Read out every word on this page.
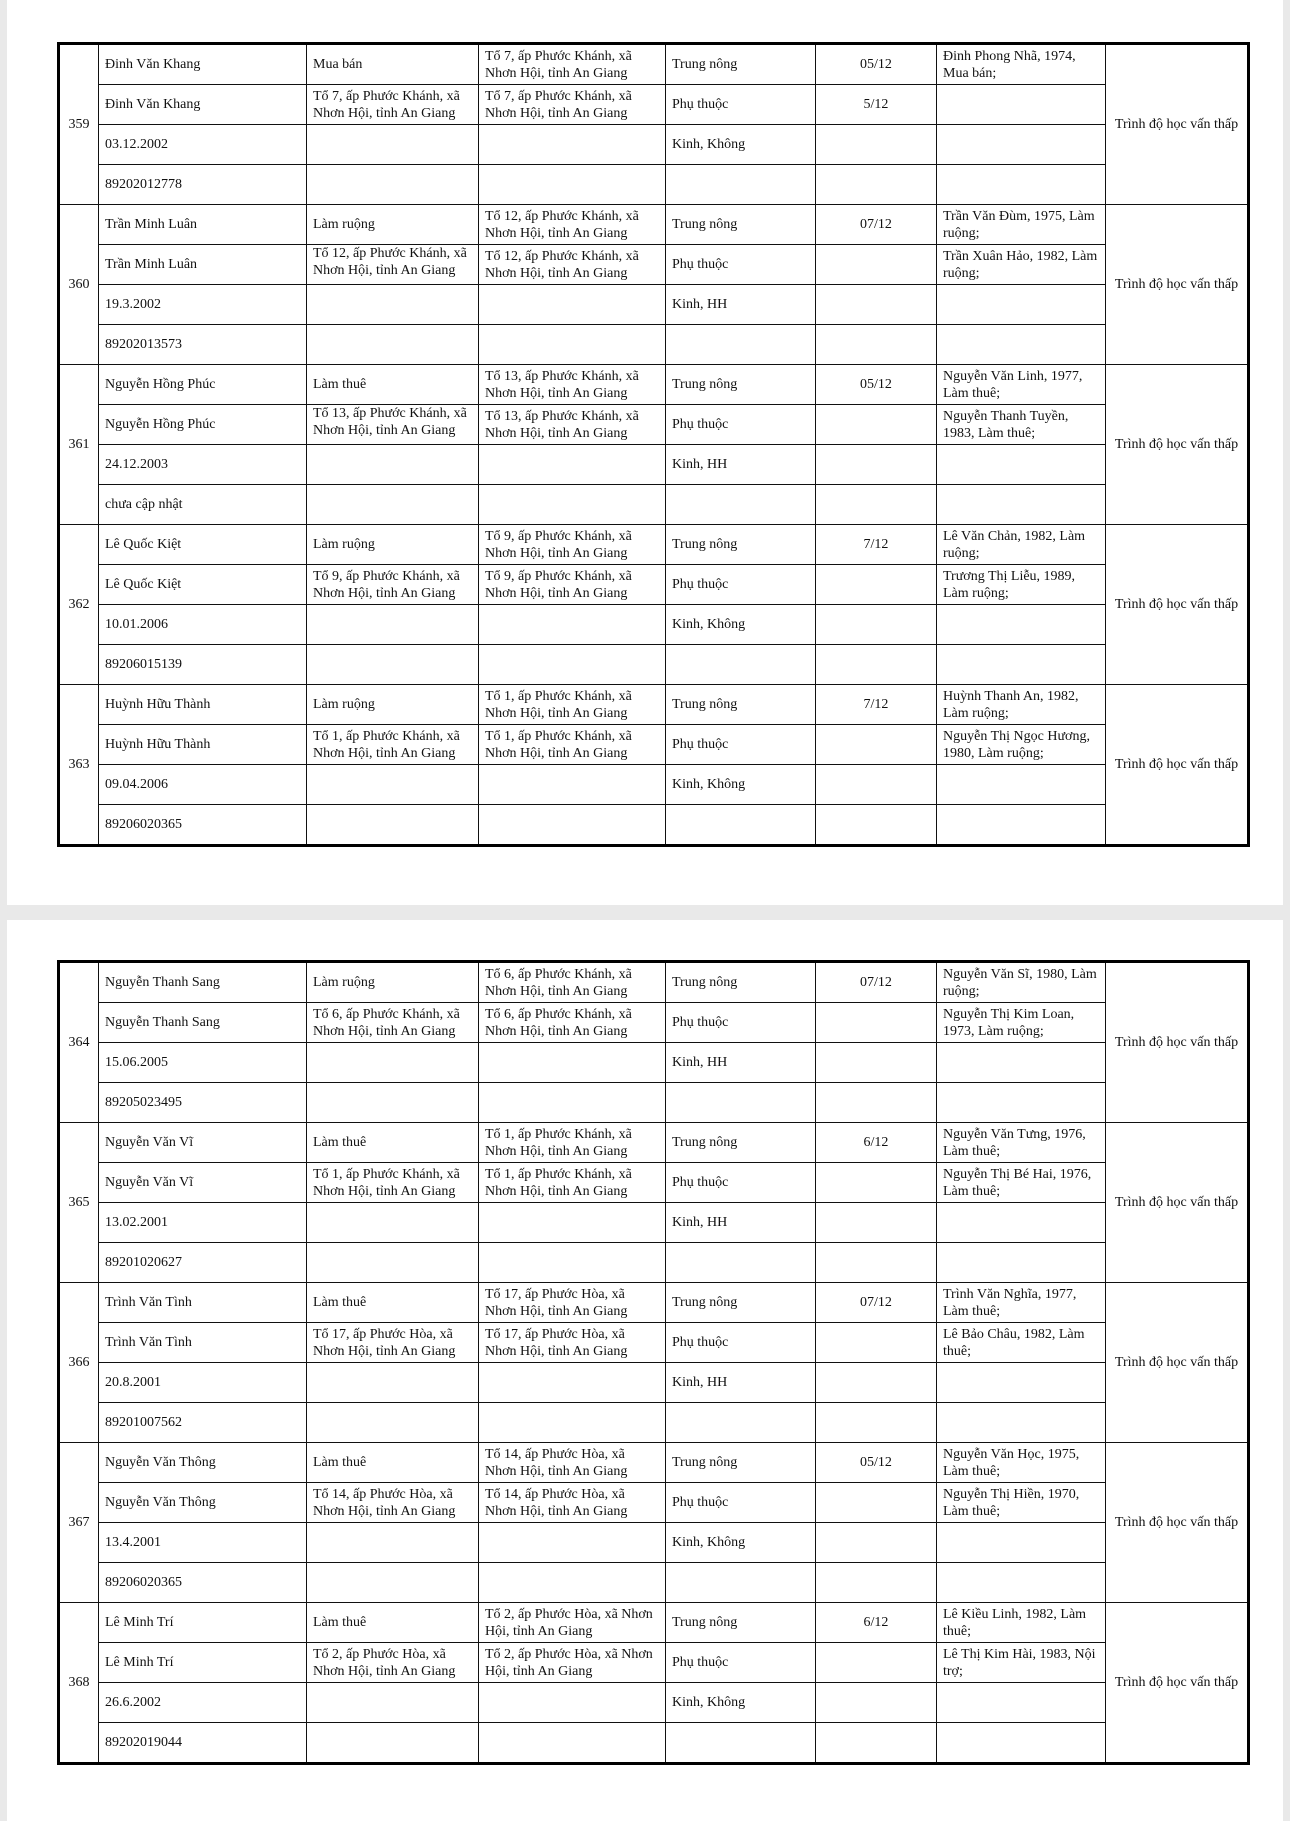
359	Đinh Văn Khang	Mua bán	Tổ 7, ấp Phước Khánh, xã Nhơn Hội, tỉnh An Giang	Trung nông	05/12	Đinh Phong Nhã, 1974, Mua bán;	Trình độ học vấn thấp
	Đinh Văn Khang	Tổ 7, ấp Phước Khánh, xã Nhơn Hội, tỉnh An Giang	Tổ 7, ấp Phước Khánh, xã Nhơn Hội, tỉnh An Giang	Phụ thuộc	5/12		
	03.12.2002			Kinh, Không			
	89202012778						
360	Trần Minh Luân	Làm ruộng	Tổ 12, ấp Phước Khánh, xã Nhơn Hội, tỉnh An Giang	Trung nông	07/12	Trần Văn Đùm, 1975, Làm ruộng;	Trình độ học vấn thấp
	Trần Minh Luân	Tổ 12, ấp Phước Khánh, xã Nhơn Hội, tỉnh An Giang	Tổ 12, ấp Phước Khánh, xã Nhơn Hội, tỉnh An Giang	Phụ thuộc		Trần Xuân Hảo, 1982, Làm ruộng;	
	19.3.2002			Kinh, HH			
	89202013573						
361	Nguyễn Hồng Phúc	Làm thuê	Tổ 13, ấp Phước Khánh, xã Nhơn Hội, tỉnh An Giang	Trung nông	05/12	Nguyễn Văn Linh, 1977, Làm thuê;	Trình độ học vấn thấp
	Nguyễn Hồng Phúc	Tổ 13, ấp Phước Khánh, xã Nhơn Hội, tỉnh An Giang	Tổ 13, ấp Phước Khánh, xã Nhơn Hội, tỉnh An Giang	Phụ thuộc		Nguyễn Thanh Tuyền, 1983, Làm thuê;	
	24.12.2003			Kinh, HH			
	chưa cập nhật						
362	Lê Quốc Kiệt	Làm ruộng	Tổ 9, ấp Phước Khánh, xã Nhơn Hội, tỉnh An Giang	Trung nông	7/12	Lê Văn Chản, 1982, Làm ruộng;	Trình độ học vấn thấp
	Lê Quốc Kiệt	Tổ 9, ấp Phước Khánh, xã Nhơn Hội, tỉnh An Giang	Tổ 9, ấp Phước Khánh, xã Nhơn Hội, tỉnh An Giang	Phụ thuộc		Trương Thị Liễu, 1989, Làm ruộng;	
	10.01.2006			Kinh, Không			
	89206015139						
363	Huỳnh Hữu Thành	Làm ruộng	Tổ 1, ấp Phước Khánh, xã Nhơn Hội, tỉnh An Giang	Trung nông	7/12	Huỳnh Thanh An, 1982, Làm ruộng;	Trình độ học vấn thấp
	Huỳnh Hữu Thành	Tổ 1, ấp Phước Khánh, xã Nhơn Hội, tỉnh An Giang	Tổ 1, ấp Phước Khánh, xã Nhơn Hội, tỉnh An Giang	Phụ thuộc		Nguyễn Thị Ngọc Hương, 1980, Làm ruộng;	
	09.04.2006			Kinh, Không			
	89206020365						
364	Nguyễn Thanh Sang	Làm ruộng	Tổ 6, ấp Phước Khánh, xã Nhơn Hội, tỉnh An Giang	Trung nông	07/12	Nguyễn Văn Sĩ, 1980, Làm ruộng;	Trình độ học vấn thấp
	Nguyễn Thanh Sang	Tổ 6, ấp Phước Khánh, xã Nhơn Hội, tỉnh An Giang	Tổ 6, ấp Phước Khánh, xã Nhơn Hội, tỉnh An Giang	Phụ thuộc		Nguyễn Thị Kim Loan, 1973, Làm ruộng;	
	15.06.2005			Kinh, HH			
	89205023495						
365	Nguyễn Văn Vĩ	Làm thuê	Tổ 1, ấp Phước Khánh, xã Nhơn Hội, tỉnh An Giang	Trung nông	6/12	Nguyễn Văn Tưng, 1976, Làm thuê;	Trình độ học vấn thấp
	Nguyễn Văn Vĩ	Tổ 1, ấp Phước Khánh, xã Nhơn Hội, tỉnh An Giang	Tổ 1, ấp Phước Khánh, xã Nhơn Hội, tỉnh An Giang	Phụ thuộc		Nguyễn Thị Bé Hai, 1976, Làm thuê;	
	13.02.2001			Kinh, HH			
	89201020627						
366	Trình Văn Tình	Làm thuê	Tổ 17, ấp Phước Hòa, xã Nhơn Hội, tỉnh An Giang	Trung nông	07/12	Trình Văn Nghĩa, 1977, Làm thuê;	Trình độ học vấn thấp
	Trình Văn Tình	Tổ 17, ấp Phước Hòa, xã Nhơn Hội, tỉnh An Giang	Tổ 17, ấp Phước Hòa, xã Nhơn Hội, tỉnh An Giang	Phụ thuộc		Lê Bảo Châu, 1982, Làm thuê;	
	20.8.2001			Kinh, HH			
	89201007562						
367	Nguyễn Văn Thông	Làm thuê	Tổ 14, ấp Phước Hòa, xã Nhơn Hội, tỉnh An Giang	Trung nông	05/12	Nguyễn Văn Học, 1975, Làm thuê;	Trình độ học vấn thấp
	Nguyễn Văn Thông	Tổ 14, ấp Phước Hòa, xã Nhơn Hội, tỉnh An Giang	Tổ 14, ấp Phước Hòa, xã Nhơn Hội, tỉnh An Giang	Phụ thuộc		Nguyễn Thị Hiền, 1970, Làm thuê;	
	13.4.2001			Kinh, Không			
	89206020365						
368	Lê Minh Trí	Làm thuê	Tổ 2, ấp Phước Hòa, xã Nhơn Hội, tỉnh An Giang	Trung nông	6/12	Lê Kiều Linh, 1982, Làm thuê;	Trình độ học vấn thấp
	Lê Minh Trí	Tổ 2, ấp Phước Hòa, xã Nhơn Hội, tỉnh An Giang	Tổ 2, ấp Phước Hòa, xã Nhơn Hội, tỉnh An Giang	Phụ thuộc		Lê Thị Kim Hài, 1983, Nội trợ;	
	26.6.2002			Kinh, Không			
	89202019044						
